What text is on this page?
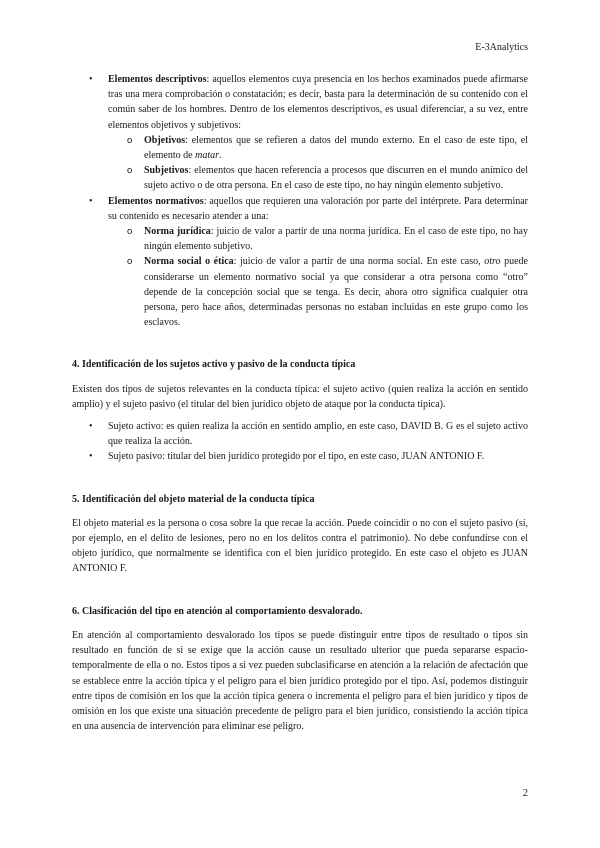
E-3Analytics
• Elementos descriptivos: aquellos elementos cuya presencia en los hechos examinados puede afirmarse tras una mera comprobación o constatación; es decir, basta para la determinación de su contenido con el común saber de los hombres. Dentro de los elementos descriptivos, es usual diferenciar, a su vez, entre elementos objetivos y subjetivos:
o Objetivos: elementos que se refieren a datos del mundo externo. En el caso de este tipo, el elemento de matar.
o Subjetivos: elementos que hacen referencia a procesos que discurren en el mundo anímico del sujeto activo o de otra persona. En el caso de este tipo, no hay ningún elemento subjetivo.
• Elementos normativos: aquellos que requieren una valoración por parte del intérprete. Para determinar su contenido es necesario atender a una:
o Norma jurídica: juicio de valor a partir de una norma jurídica. En el caso de este tipo, no hay ningún elemento subjetivo.
o Norma social o ética: juicio de valor a partir de una norma social. En este caso, otro puede considerarse un elemento normativo social ya que considerar a otra persona como “otro” depende de la concepción social que se tenga. Es decir, ahora otro significa cualquier otra persona, pero hace años, determinadas personas no estaban incluidas en este grupo como los esclavos.

4. Identificación de los sujetos activo y pasivo de la conducta típica

Existen dos tipos de sujetos relevantes en la conducta típica: el sujeto activo (quien realiza la acción en sentido amplio) y el sujeto pasivo (el titular del bien jurídico objeto de ataque por la conducta típica).

• Sujeto activo: es quien realiza la acción en sentido amplio, en este caso, DAVID B. G es el sujeto activo que realiza la acción.
• Sujeto pasivo: titular del bien jurídico protegido por el tipo, en este caso, JUAN ANTONIO F.

5. Identificación del objeto material de la conducta típica

El objeto material es la persona o cosa sobre la que recae la acción. Puede coincidir o no con el sujeto pasivo (sí, por ejemplo, en el delito de lesiones, pero no en los delitos contra el patrimonio). No debe confundirse con el objeto jurídico, que normalmente se identifica con el bien jurídico protegido. En este caso el objeto es JUAN ANTONIO F.

6. Clasificación del tipo en atención al comportamiento desvalorado.

En atención al comportamiento desvalorado los tipos se puede distinguir entre tipos de resultado o tipos sin resultado en función de si se exige que la acción cause un resultado ulterior que pueda separarse espacio-temporalmente de ella o no. Estos tipos a si vez pueden subclasificarse en atención a la relación de afectación que se establece entre la acción típica y el peligro para el bien jurídico protegido por el tipo. Así, podemos distinguir entre tipos de comisión en los que la acción típica genera o incrementa el peligro para el bien jurídico y tipos de omisión en los que existe una situación precedente de peligro para el bien jurídico, consistiendo la acción típica en una ausencia de intervención para eliminar ese peligro.

2
